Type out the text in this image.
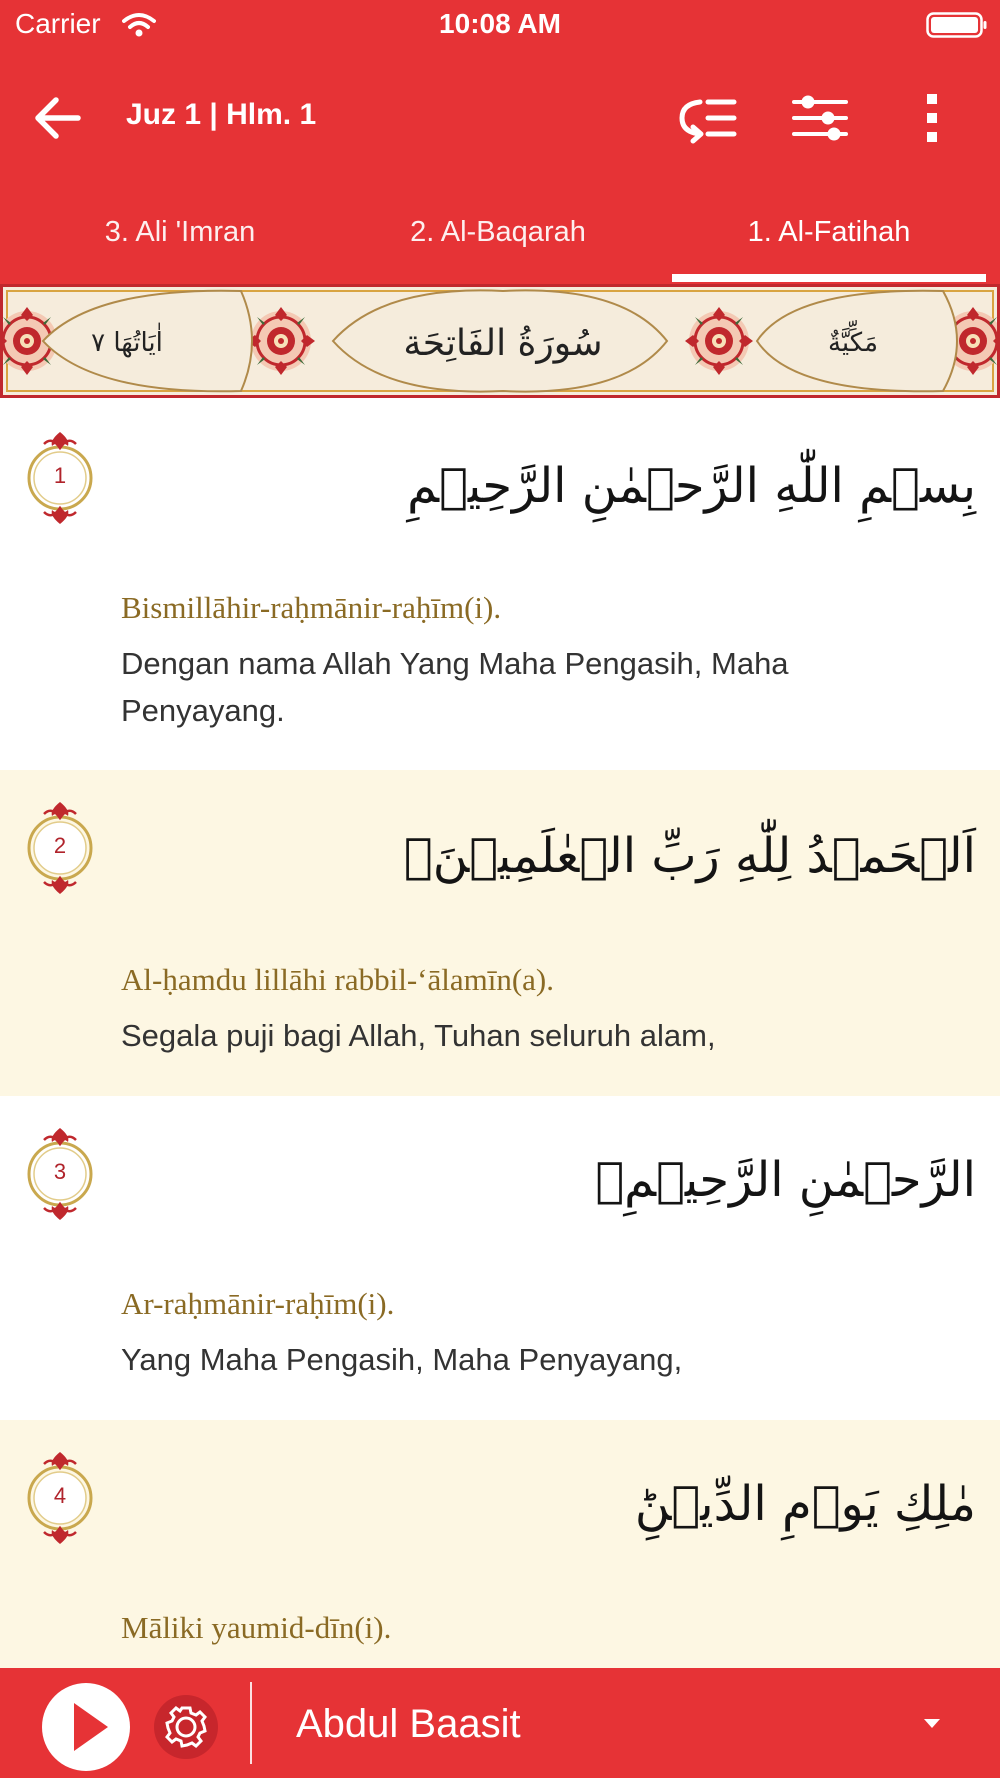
Carrier	10:08 AM
Juz 1 | Hlm. 1
3. Ali 'Imran	2. Al-Baqarah	1. Al-Fatihah
سُورَةُ الفَاتِحَة	مَكِّيَّةٌ
اٰيَاتُهَا ٧
1	بِسۡمِ اللّٰهِ الرَّحۡمٰنِ الرَّحِيۡمِ
Bismillāhir-raḥmānir-raḥīm(i).
Dengan nama Allah Yang Maha Pengasih, Maha Penyayang.
2	اَلۡحَمۡدُ لِلّٰهِ رَبِّ الۡعٰلَمِيۡنَۙ
Al-ḥamdu lillāhi rabbil-‘ālamīn(a).
Segala puji bagi Allah, Tuhan seluruh alam,
3	الرَّحۡمٰنِ الرَّحِيۡمِۙ
Ar-raḥmānir-raḥīm(i).
Yang Maha Pengasih, Maha Penyayang,
4	مٰلِكِ يَوۡمِ الدِّيۡنِؕ
Māliki yaumid-dīn(i).
Abdul Baasit
